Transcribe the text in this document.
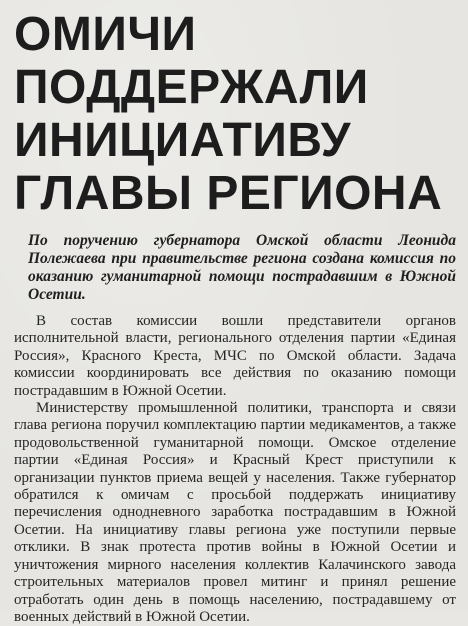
ОМИЧИ
ПОДДЕРЖАЛИ
ИНИЦИАТИВУ
ГЛАВЫ РЕГИОНА

По поручению губернатора Омской области Леонида Полежаева при правительстве региона создана комиссия по оказанию гуманитарной помощи пострадавшим в Южной Осетии.

В состав комиссии вошли представители органов исполнительной власти, регионального отделения партии «Единая Россия», Красного Креста, МЧС по Омской области. Задача комиссии координировать все действия по оказанию помощи пострадавшим в Южной Осетии.

Министерству промышленной политики, транспорта и связи глава региона поручил комплектацию партии медикаментов, а также продовольственной гуманитарной помощи. Омское отделение партии «Единая Россия» и Красный Крест приступили к организации пунктов приема вещей у населения. Также губернатор обратился к омичам с просьбой поддержать инициативу перечисления однодневного заработка пострадавшим в Южной Осетии. На инициативу главы региона уже поступили первые отклики. В знак протеста против войны в Южной Осетии и уничтожения мирного населения коллектив Калачинского завода строительных материалов провел митинг и принял решение отработать один день в помощь населению, пострадавшему от военных действий в Южной Осетии.
